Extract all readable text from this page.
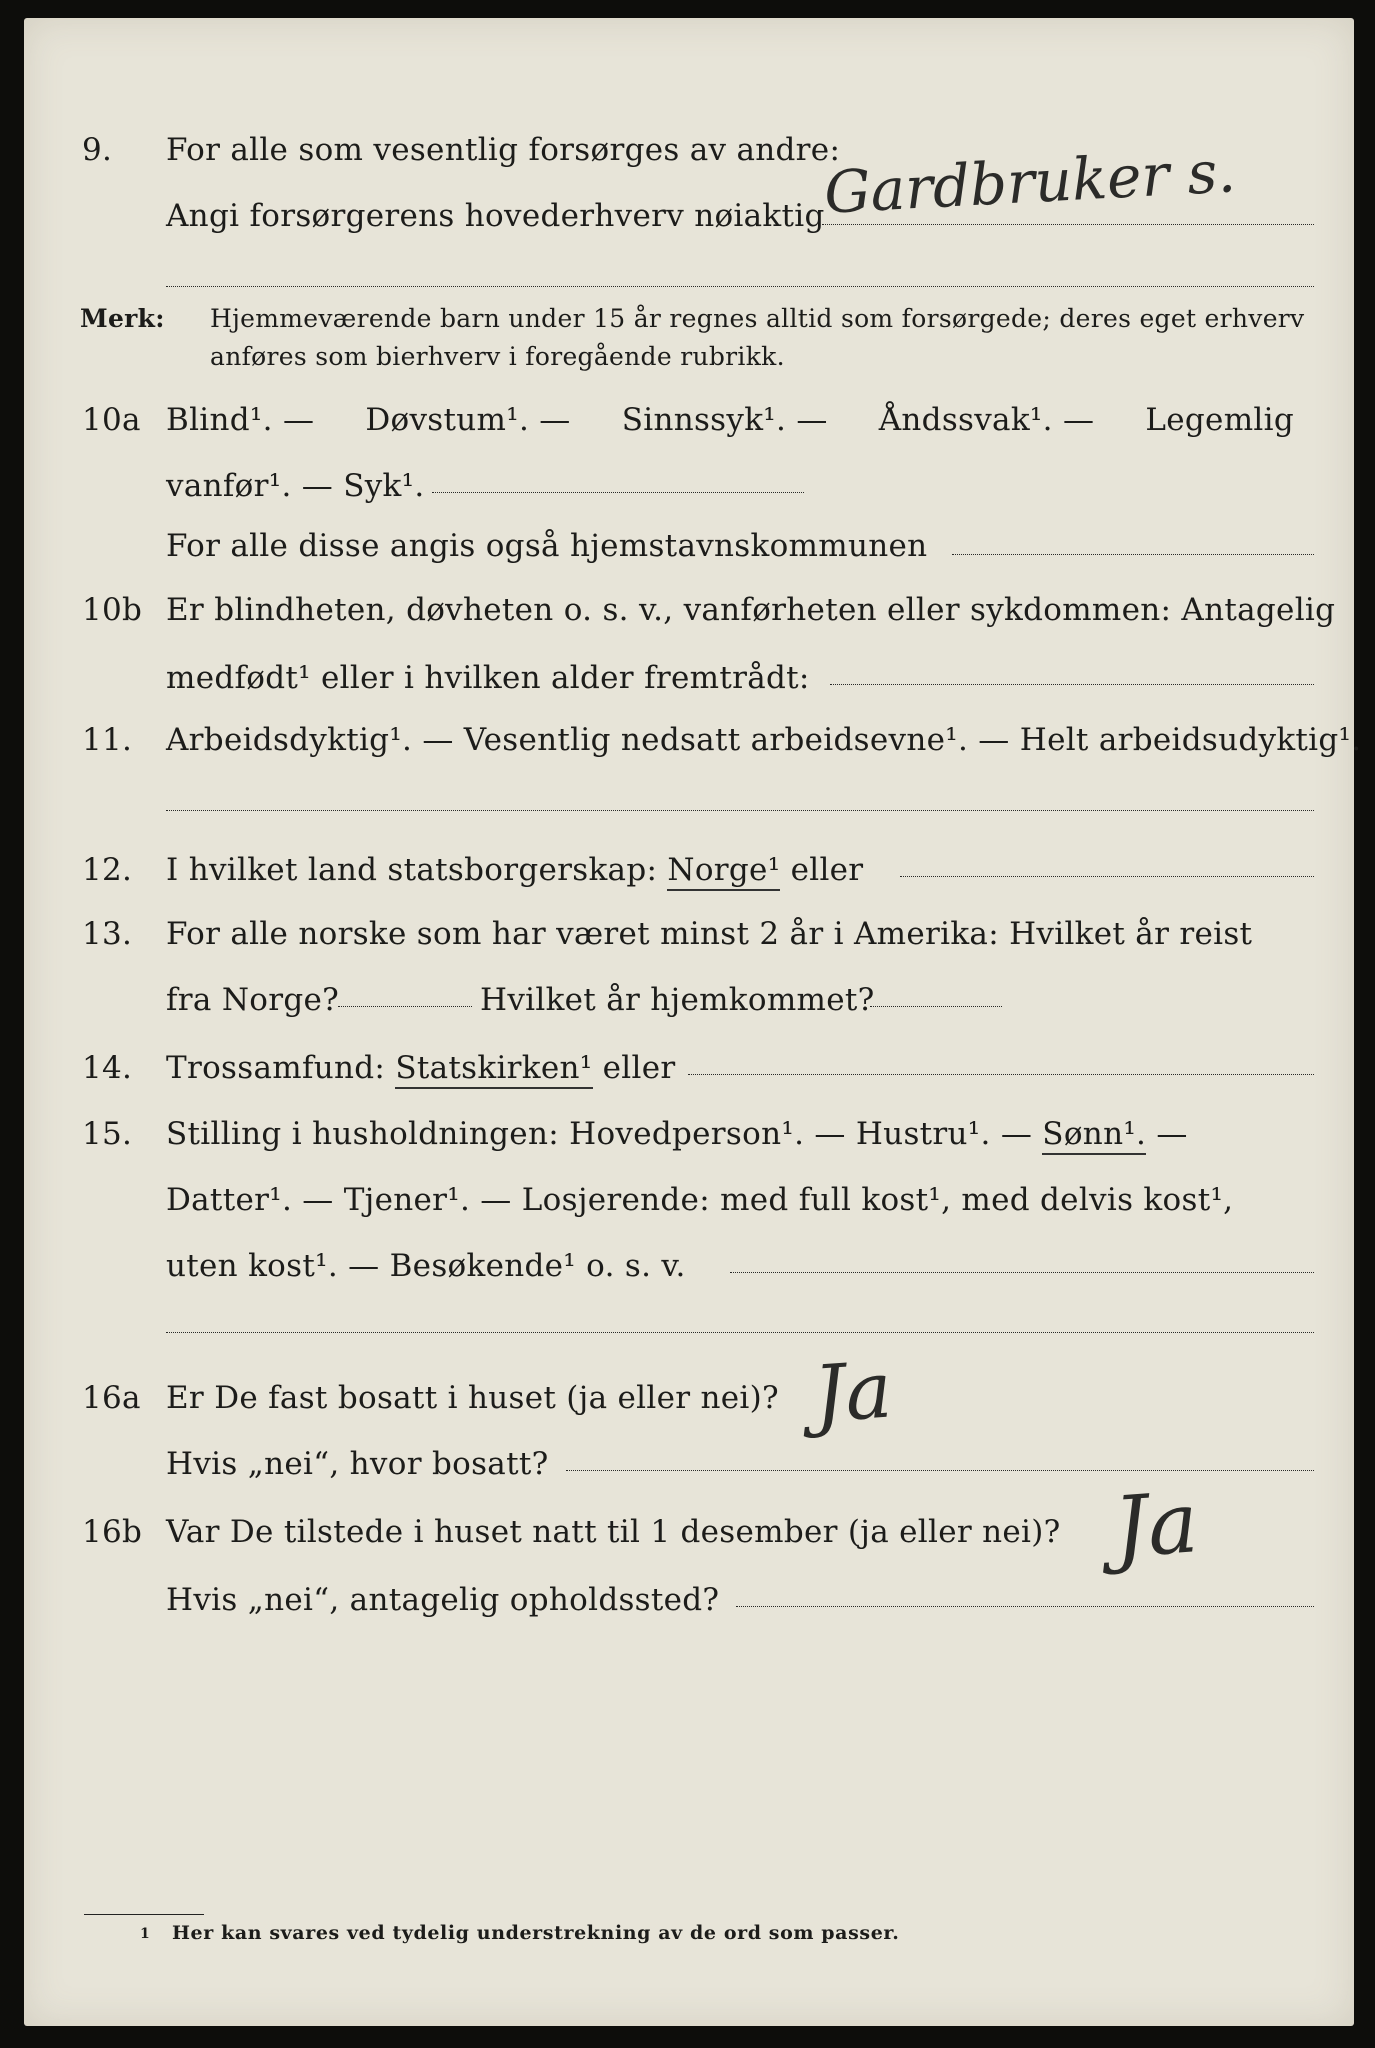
9. For alle som vesentlig forsørges av andre:
Gardbruker s.
Angi forsørgerens hovederhverv nøiaktig
Merk: Hjemmeværende barn under 15 år regnes alltid som forsørgede; deres eget erhverv
anføres som bierhverv i foregående rubrikk.
10a Blind¹. — Døvstum¹. — Sinnssyk¹. — Åndssvak¹. — Legemlig
vanfør¹. — Syk¹.
For alle disse angis også hjemstavnskommunen
10b Er blindheten, døvheten o. s. v., vanførheten eller sykdommen: Antagelig
medfødt¹ eller i hvilken alder fremtrådt:
11. Arbeidsdyktig¹. — Vesentlig nedsatt arbeidsevne¹. — Helt arbeidsudyktig¹.
12. I hvilket land statsborgerskap: Norge¹ eller
13. For alle norske som har været minst 2 år i Amerika: Hvilket år reist
fra Norge?	Hvilket år hjemkommet?
14. Trossamfund: Statskirken¹ eller
15. Stilling i husholdningen: Hovedperson¹. — Hustru¹. — Sønn¹. —
Datter¹. — Tjener¹. — Losjerende: med full kost¹, med delvis kost¹,
uten kost¹. — Besøkende¹ o. s. v.
16a Er De fast bosatt i huset (ja eller nei)? Ja
Hvis „nei“, hvor bosatt?
16b Var De tilstede i huset natt til 1 desember (ja eller nei)? Ja
Hvis „nei“, antagelig opholdssted?
1 Her kan svares ved tydelig understrekning av de ord som passer.
